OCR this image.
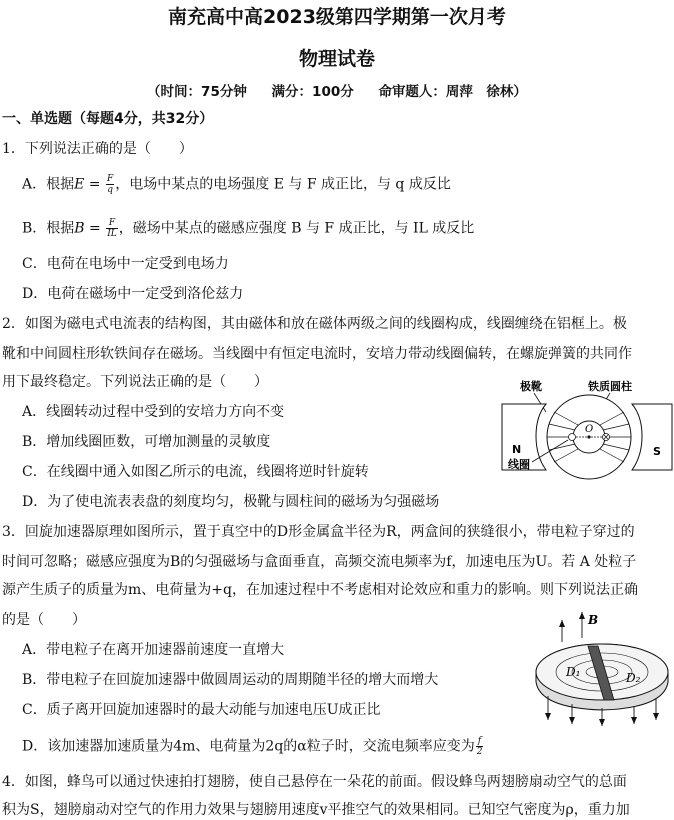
南充高中高2023级第四学期第一次月考
物理试卷
（时间：75分钟 满分：100分 命审题人：周萍　徐林）
一、单选题（每题4分，共32分）
1．下列说法正确的是（　　）
A．根据$E = \frac{F}{q}$ ，电场中某点的电场强度 E 与 F 成正比，与 q 成反比
B．根据$B = \frac{F}{IL}$ ，磁场中某点的磁感应强度 B 与 F 成正比，与 IL 成反比
C．电荷在电场中一定受到电场力
D．电荷在磁场中一定受到洛伦兹力
2．如图为磁电式电流表的结构图，其由磁体和放在磁体两级之间的线圈构成，线圈缠绕在铝框上。极
靴和中间圆柱形软铁间存在磁场。当线圈中有恒定电流时，安培力带动线圈偏转，在螺旋弹簧的共同作
用下最终稳定。下列说法正确的是（　　）
A．线圈转动过程中受到的安培力方向不变
B．增加线圈匝数，可增加测量的灵敏度
C．在线圈中通入如图乙所示的电流，线圈将逆时针旋转
D．为了使电流表表盘的刻度均匀，极靴与圆柱间的磁场为匀强磁场
极靴	铁质圆柱
O
N	S
线圈
3．回旋加速器原理如图所示，置于真空中的D形金属盒半径为R，两盒间的狭缝很小，带电粒子穿过的
时间可忽略；磁感应强度为B的匀强磁场与盒面垂直，高频交流电频率为f，加速电压为U。若 A 处粒子
源产生质子的质量为m、电荷量为+q，在加速过程中不考虑相对论效应和重力的影响。则下列说法正确
的是（　　）
A．带电粒子在离开加速器前速度一直增大
B．带电粒子在回旋加速器中做圆周运动的周期随半径的增大而增大
C．质子离开回旋加速器时的最大动能与加速电压U成正比
D．该加速器加速质量为4m、电荷量为2q的α粒子时，交流电频率应变为 $\frac{f}{2}$
B
D₁	D₂
4．如图，蜂鸟可以通过快速拍打翅膀，使自己悬停在一朵花的前面。假设蜂鸟两翅膀扇动空气的总面
积为S，翅膀扇动对空气的作用力效果与翅膀用速度v平推空气的效果相同。已知空气密度为ρ，重力加
